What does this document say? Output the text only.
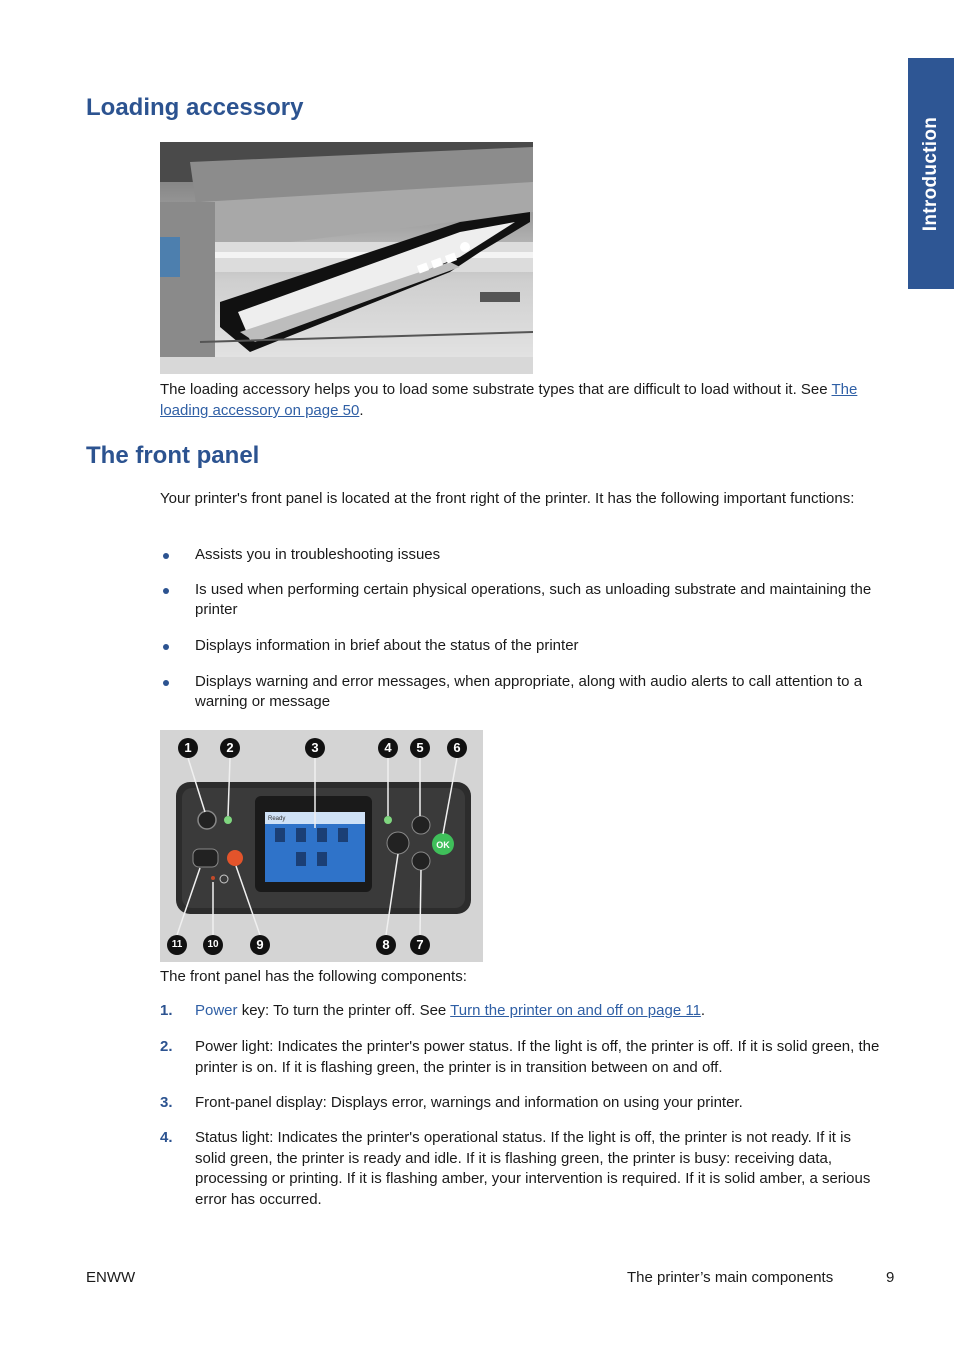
Introduction
Loading accessory

The loading accessory helps you to load some substrate types that are difficult to load without it. See The loading accessory on page 50.

The front panel

Your printer's front panel is located at the front right of the printer. It has the following important functions:

Assists you in troubleshooting issues
Is used when performing certain physical operations, such as unloading substrate and maintaining the printer
Displays information in brief about the status of the printer
Displays warning and error messages, when appropriate, along with audio alerts to call attention to a warning or message
Ready
OK
1	2	3	4	5	6
11	10	9	8	7

The front panel has the following components:

1. Power key: To turn the printer off. See Turn the printer on and off on page 11.
2. Power light: Indicates the printer's power status. If the light is off, the printer is off. If it is solid green, the printer is on. If it is flashing green, the printer is in transition between on and off.
3. Front-panel display: Displays error, warnings and information on using your printer.
4. Status light: Indicates the printer's operational status. If the light is off, the printer is not ready. If it is solid green, the printer is ready and idle. If it is flashing green, the printer is busy: receiving data, processing or printing. If it is flashing amber, your intervention is required. If it is solid amber, a serious error has occurred.
ENWW	The printer’s main components	9
